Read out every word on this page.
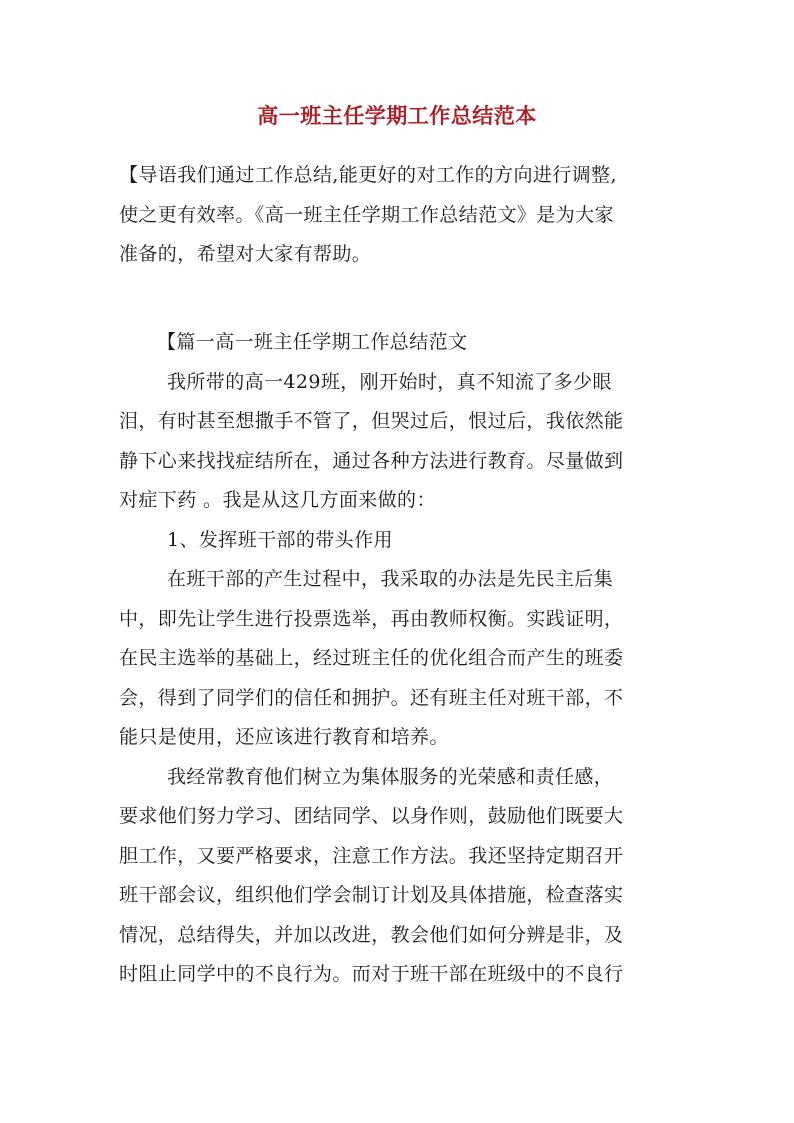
高一班主任学期工作总结范本
【导语我们通过工作总结,能更好的对工作的方向进行调整,
使之更有效率。《高一班主任学期工作总结范文》是为大家
准备的，希望对大家有帮助。
【篇一高一班主任学期工作总结范文
我所带的高一429班，刚开始时，真不知流了多少眼
泪，有时甚至想撒手不管了，但哭过后，恨过后，我依然能
静下心来找找症结所在，通过各种方法进行教育。尽量做到
对症下药 。我是从这几方面来做的：
1、发挥班干部的带头作用
在班干部的产生过程中，我采取的办法是先民主后集
中，即先让学生进行投票选举，再由教师权衡。实践证明，
在民主选举的基础上，经过班主任的优化组合而产生的班委
会，得到了同学们的信任和拥护。还有班主任对班干部，不
能只是使用，还应该进行教育和培养。
我经常教育他们树立为集体服务的光荣感和责任感，
要求他们努力学习、团结同学、以身作则，鼓励他们既要大
胆工作，又要严格要求，注意工作方法。我还坚持定期召开
班干部会议，组织他们学会制订计划及具体措施，检查落实
情况，总结得失，并加以改进，教会他们如何分辨是非，及
时阻止同学中的不良行为。而对于班干部在班级中的不良行
